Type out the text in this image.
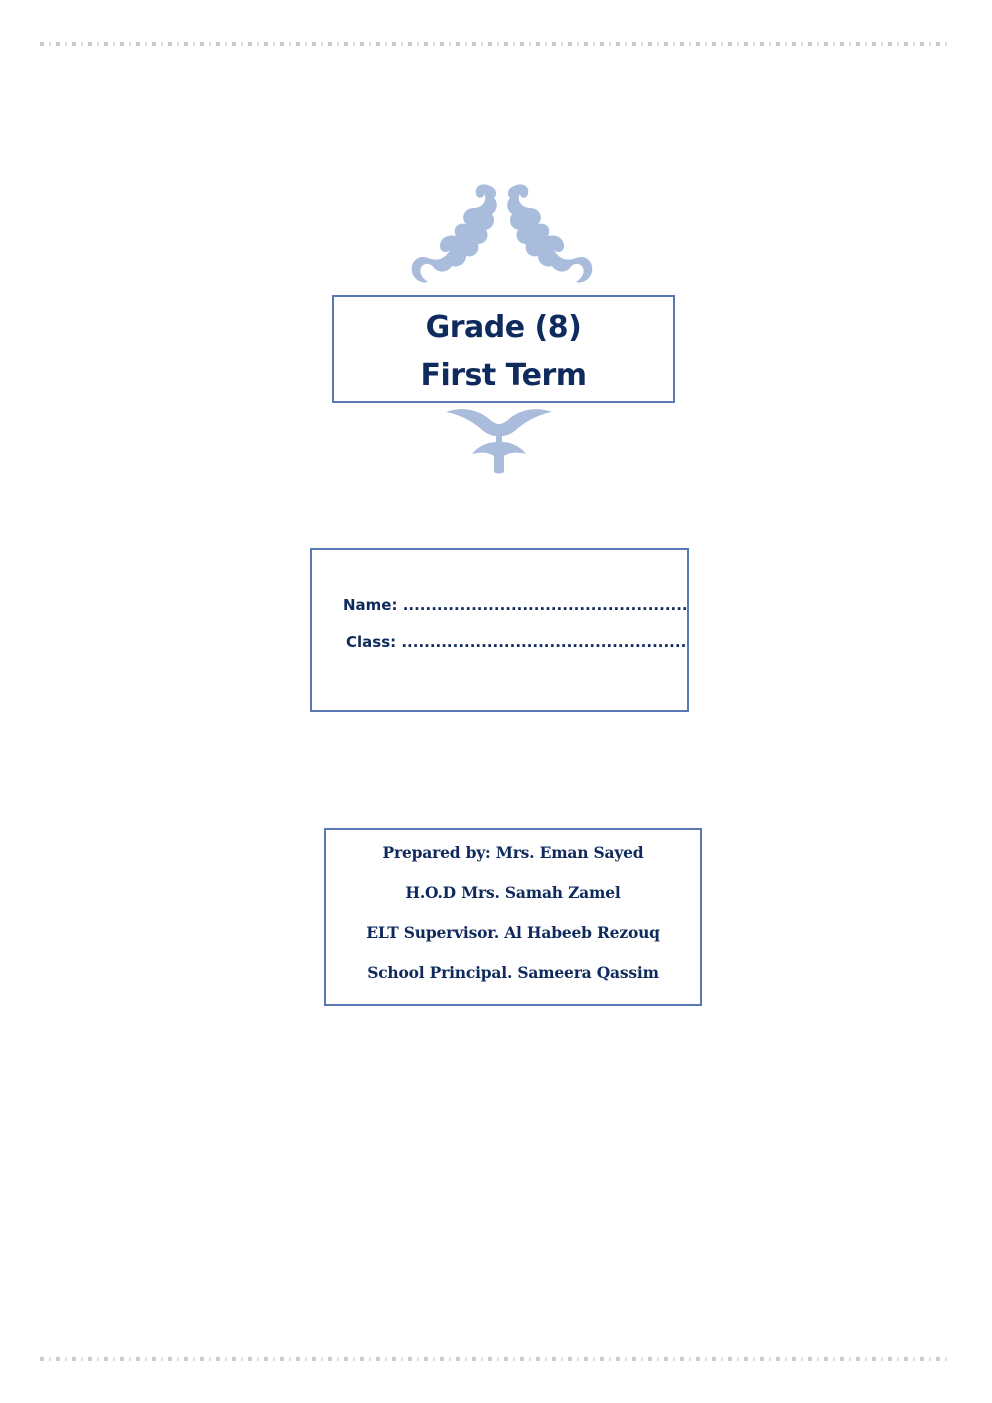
Grade (8)
First Term
Name: ..................................................
Class: ..................................................
Prepared by: Mrs. Eman Sayed
H.O.D Mrs. Samah Zamel
ELT Supervisor. Al Habeeb Rezouq
School Principal. Sameera Qassim
